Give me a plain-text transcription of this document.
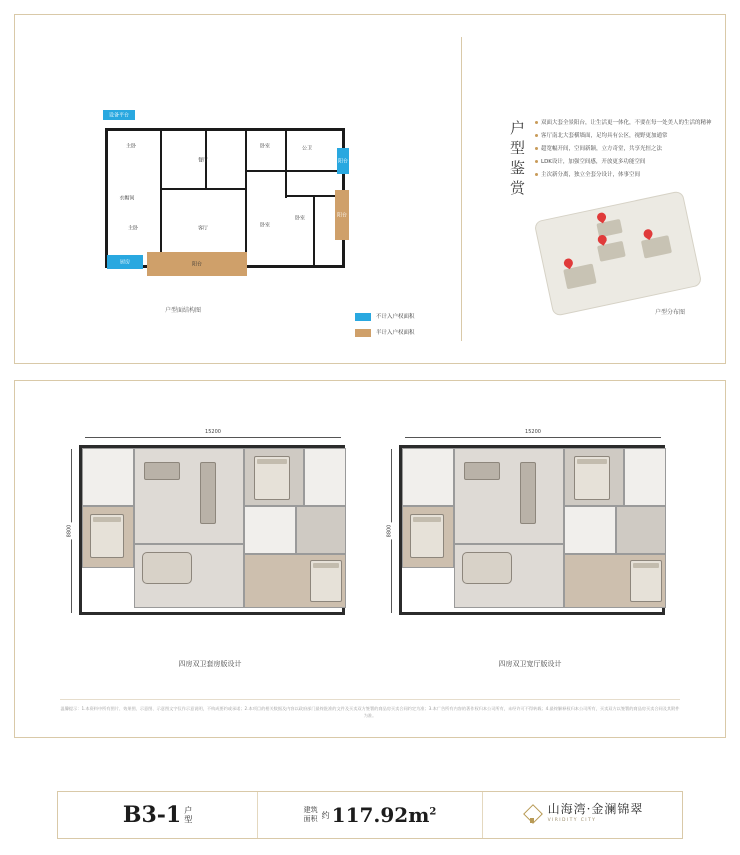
设备平台
阳台
阳台
阳台
厨房
主卧
衣帽间
主卧
餐厅
客厅
卧室
卧室
卧室
公卫
户型面结构图
不计入户权面积
半计入户权面积
户型鉴赏	双面大套全景阳台，让生活更一体化，不要在每一处美人的生活的精神
客厅南北大套横墙面，足均具有公区，视野更加通常
超宽幅开间，空间新颖，立方奇堂，共享光恒之法
LDK设计，加强空间感，开放更多功能空间
主次新分离，独立全套分设计，体事空间
户型分布图
15200
8800
四房双卫套房版设计
15200
8800
四房双卫宽厅版设计
温馨提示：1.本资料中所有图片、效果图、示意图、示意图文字仅作示意说明，不构成要约或承诺；2.本项目的相关数据及内容以政府部门最终批准的文件及买卖双方签署的商品房买卖合同约定为准；3.本广告所有内容的著作权归本公司所有，未经许可不得转载；4.最终解释权归本公司所有，买卖双方以签署的商品房买卖合同及其附件为准。
B3-1 户
型
建筑
面积 约 $117.92m^2$	山海湾·金澜锦翠
VIRIDITY CITY
